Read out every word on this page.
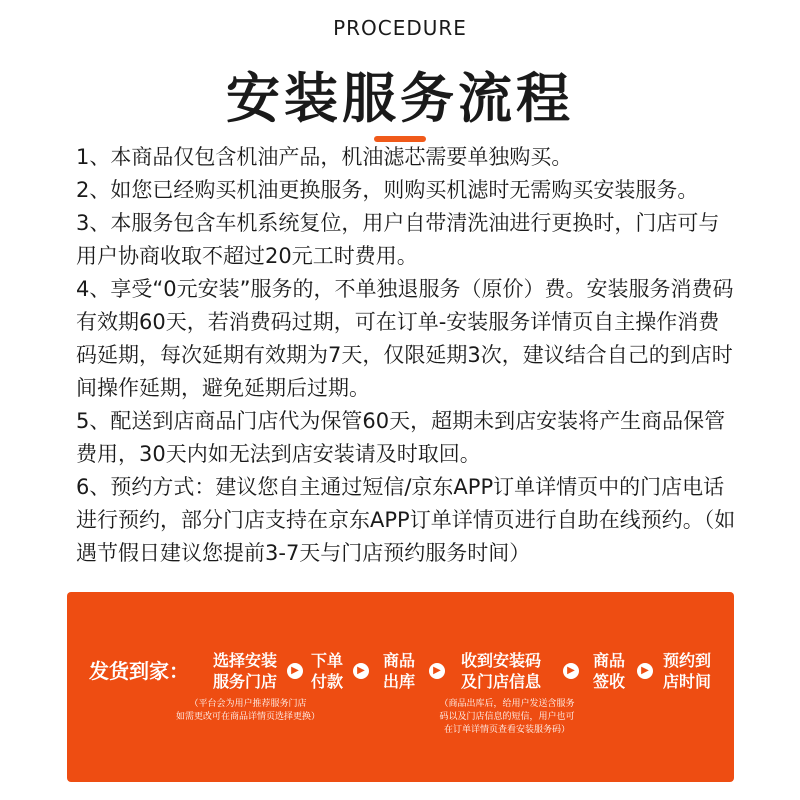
PROCEDURE
安装服务流程

1、本商品仅包含机油产品，机油滤芯需要单独购买。

2、如您已经购买机油更换服务，则购买机滤时无需购买安装服务。

3、本服务包含车机系统复位，用户自带清洗油进行更换时，门店可与用户协商收取不超过20元工时费用。

4、享受“0元安装”服务的，不单独退服务（原价）费。安装服务消费码有效期60天，若消费码过期，可在订单-安装服务详情页自主操作消费码延期，每次延期有效期为7天，仅限延期3次，建议结合自己的到店时间操作延期，避免延期后过期。

5、配送到店商品门店代为保管60天，超期未到店安装将产生商品保管费用，30天内如无法到店安装请及时取回。

6、预约方式：建议您自主通过短信/京东APP订单详情页中的门店电话进行预约，部分门店支持在京东APP订单详情页进行自助在线预约。（如遇节假日建议您提前3-7天与门店预约服务时间）

发货到家：	选择安装
服务门店
▶
下单
付款
▶
商品
出库
▶
收到安装码
及门店信息
▶
商品
签收
▶
预约到
店时间
（平台会为用户推荐服务门店
如需更改可在商品详情页选择更换）
（商品出库后，给用户发送含服务
码以及门店信息的短信，用户也可
在订单详情页查看安装服务码）
